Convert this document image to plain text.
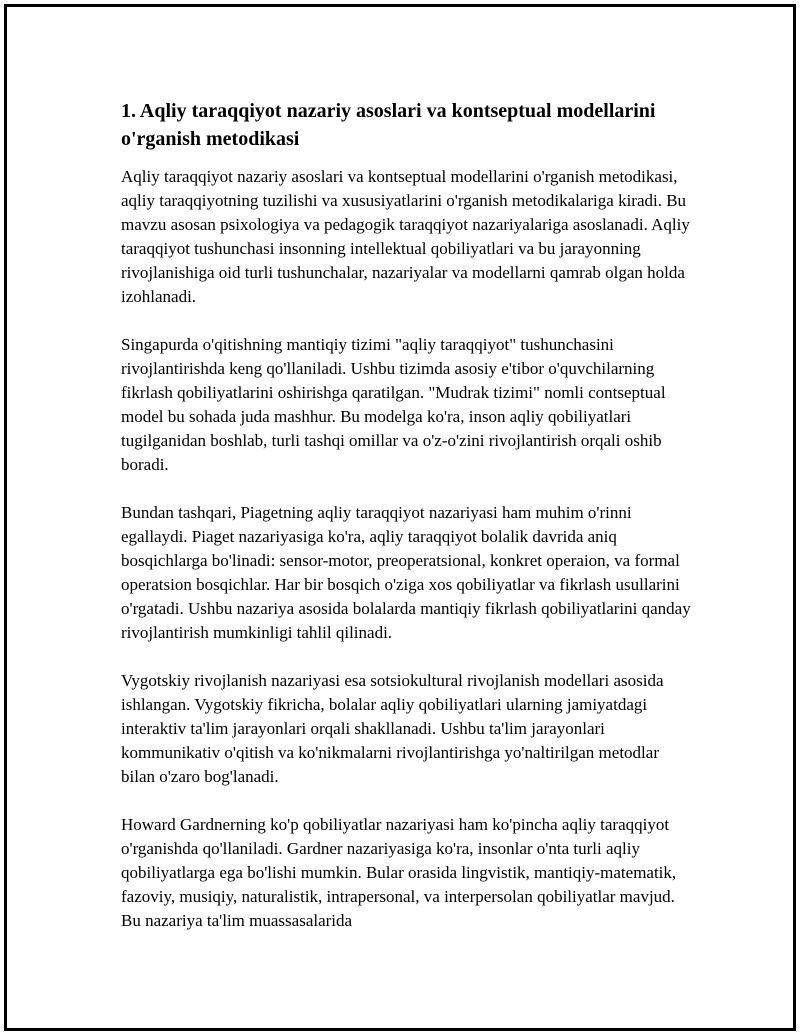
1. Aqliy taraqqiyot nazariy asoslari va kontseptual modellarini o'rganish metodikasi

Aqliy taraqqiyot nazariy asoslari va kontseptual modellarini o'rganish metodikasi, aqliy taraqqiyotning tuzilishi va xususiyatlarini o'rganish metodikalariga kiradi. Bu mavzu asosan psixologiya va pedagogik taraqqiyot nazariyalariga asoslanadi. Aqliy taraqqiyot tushunchasi insonning intellektual qobiliyatlari va bu jarayonning rivojlanishiga oid turli tushunchalar, nazariyalar va modellarni qamrab olgan holda izohlanadi.

Singapurda o'qitishning mantiqiy tizimi "aqliy taraqqiyot" tushunchasini rivojlantirishda keng qo'llaniladi. Ushbu tizimda asosiy e'tibor o'quvchilarning fikrlash qobiliyatlarini oshirishga qaratilgan. "Mudrak tizimi" nomli contseptual model bu sohada juda mashhur. Bu modelga ko'ra, inson aqliy qobiliyatlari tugilganidan boshlab, turli tashqi omillar va o'z-o'zini rivojlantirish orqali oshib boradi.

Bundan tashqari, Piagetning aqliy taraqqiyot nazariyasi ham muhim o'rinni egallaydi. Piaget nazariyasiga ko'ra, aqliy taraqqiyot bolalik davrida aniq bosqichlarga bo'linadi: sensor-motor, preoperatsional, konkret operaion, va formal operatsion bosqichlar. Har bir bosqich o'ziga xos qobiliyatlar va fikrlash usullarini o'rgatadi. Ushbu nazariya asosida bolalarda mantiqiy fikrlash qobiliyatlarini qanday rivojlantirish mumkinligi tahlil qilinadi.

Vygotskiy rivojlanish nazariyasi esa sotsiokultural rivojlanish modellari asosida ishlangan. Vygotskiy fikricha, bolalar aqliy qobiliyatlari ularning jamiyatdagi interaktiv ta'lim jarayonlari orqali shakllanadi. Ushbu ta'lim jarayonlari kommunikativ o'qitish va ko'nikmalarni rivojlantirishga yo'naltirilgan metodlar bilan o'zaro bog'lanadi.

Howard Gardnerning ko'p qobiliyatlar nazariyasi ham ko'pincha aqliy taraqqiyot o'rganishda qo'llaniladi. Gardner nazariyasiga ko'ra, insonlar o'nta turli aqliy qobiliyatlarga ega bo'lishi mumkin. Bular orasida lingvistik, mantiqiy-matematik, fazoviy, musiqiy, naturalistik, intrapersonal, va interpersolan qobiliyatlar mavjud. Bu nazariya ta'lim muassasalarida
